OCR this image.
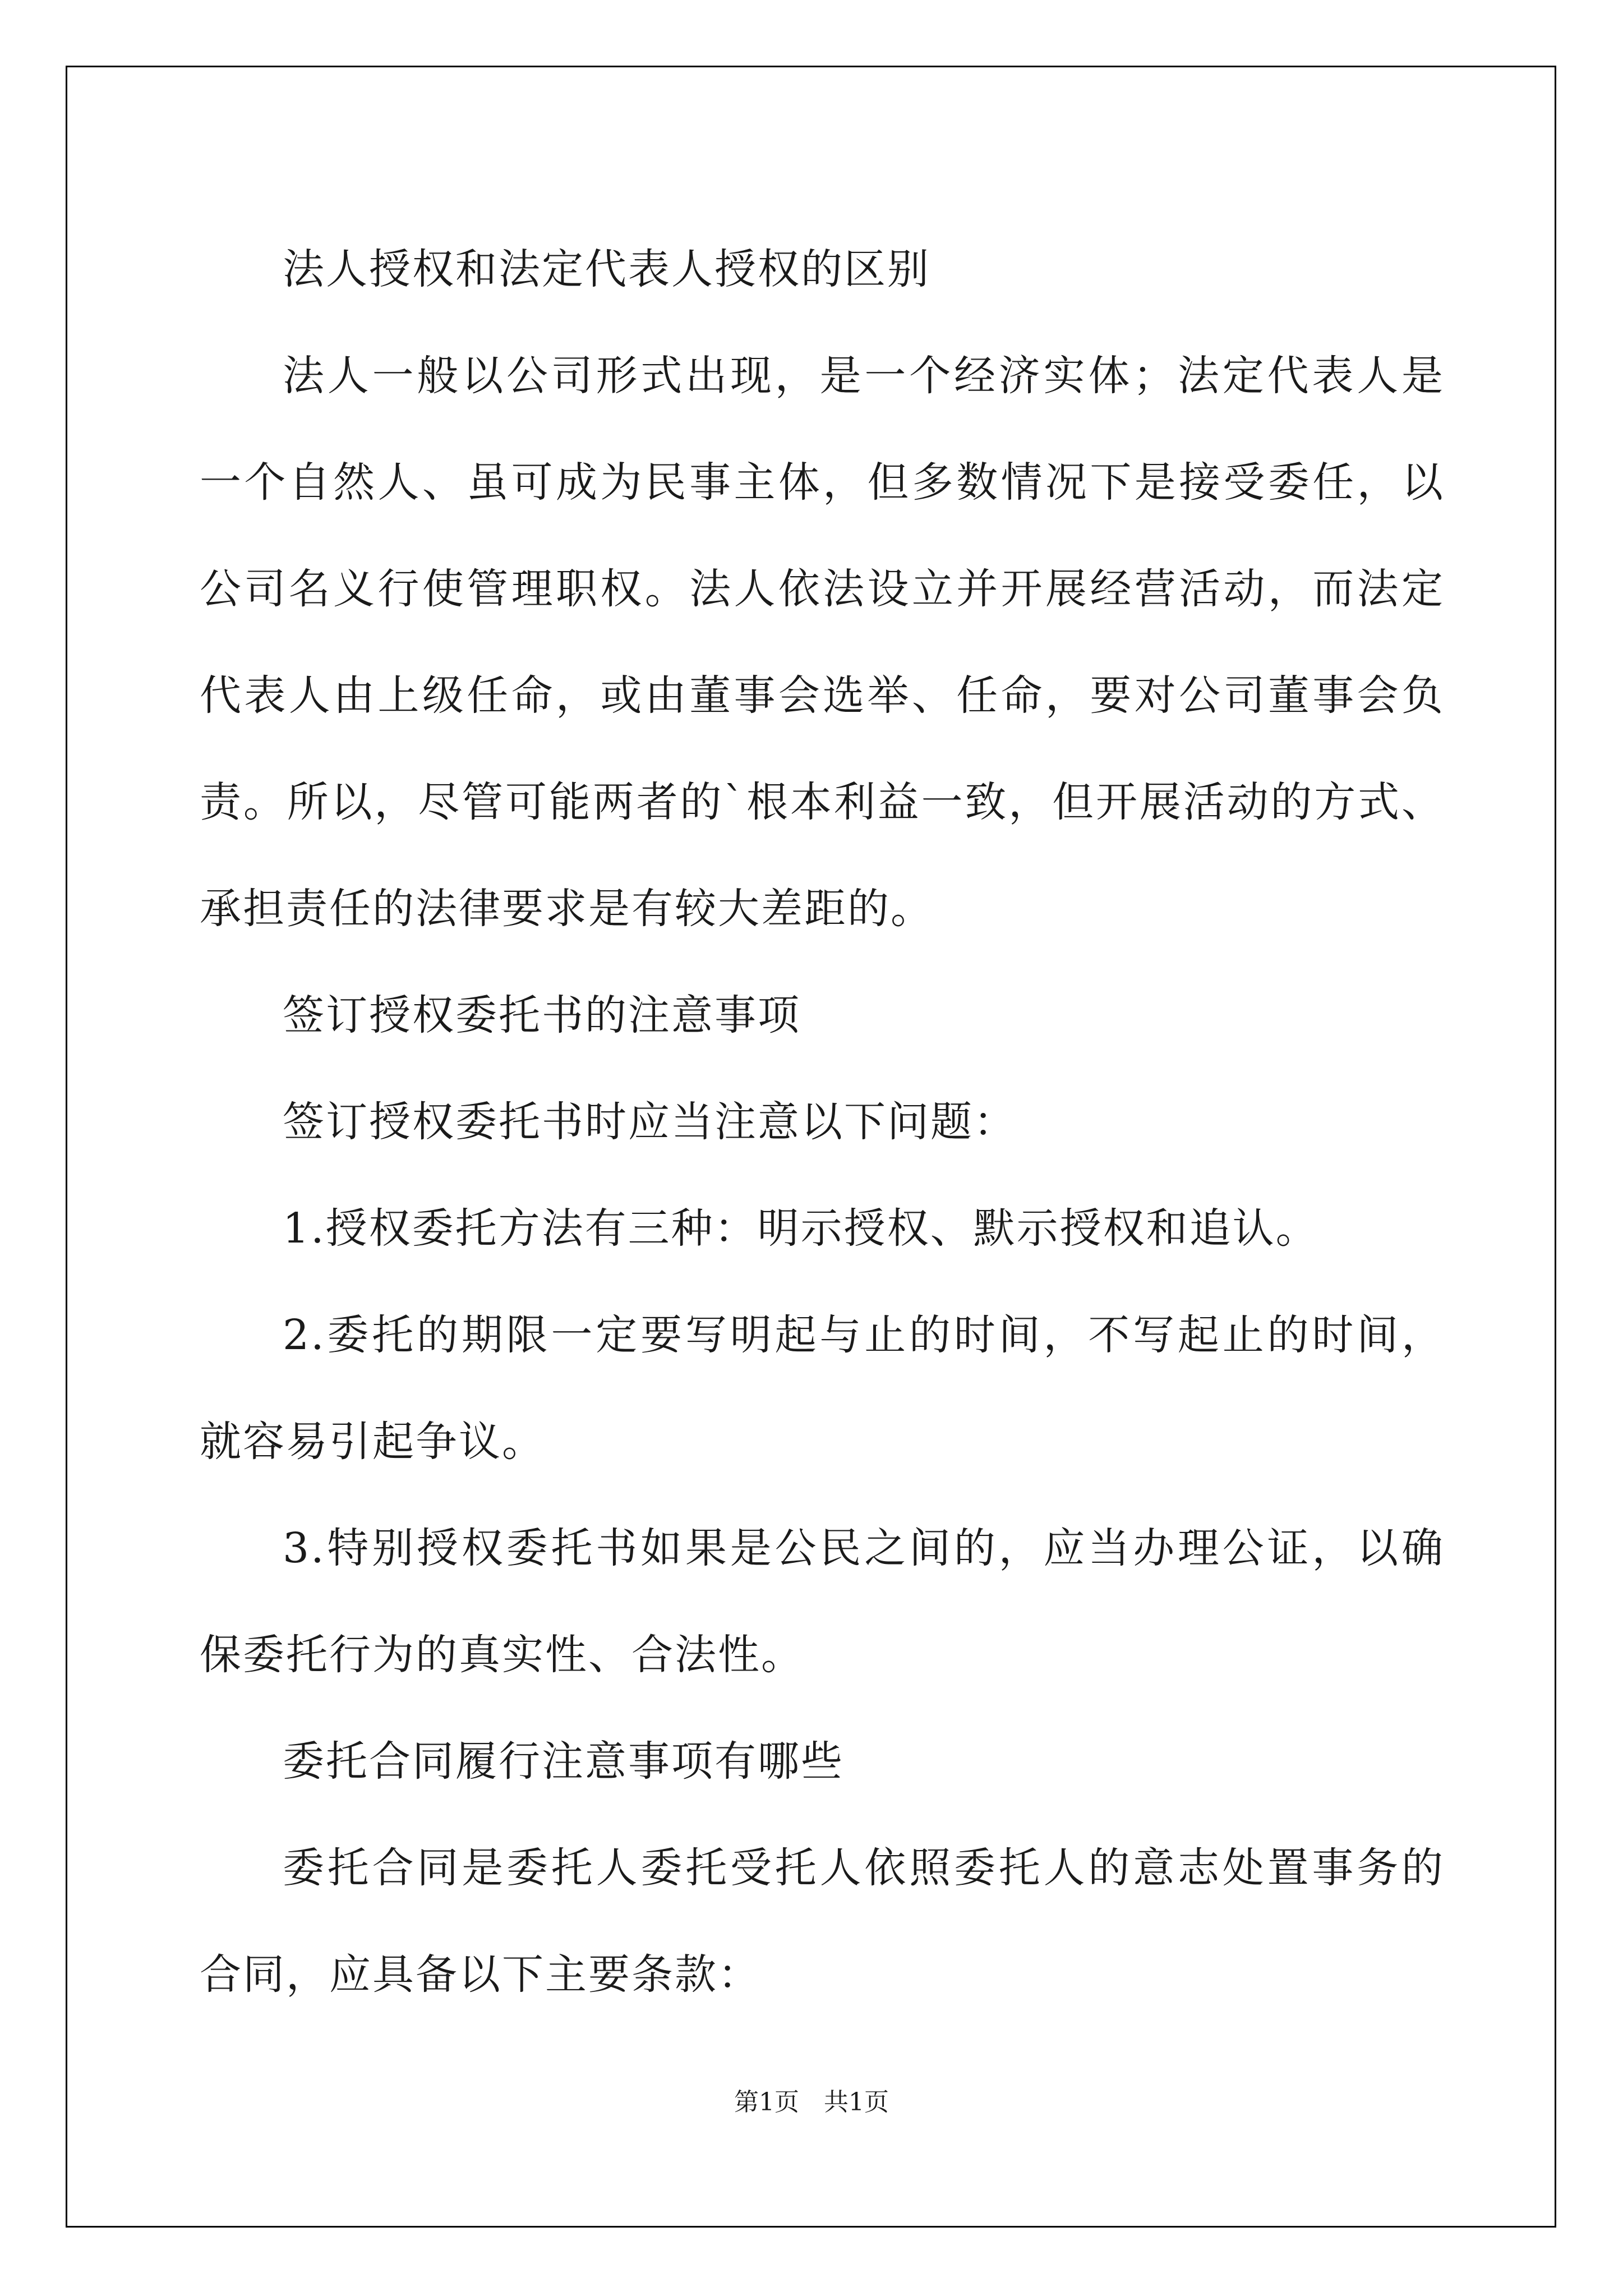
法人授权和法定代表人授权的区别

法人一般以公司形式出现，是一个经济实体；法定代表人是一个自然人、虽可成为民事主体，但多数情况下是接受委任，以公司名义行使管理职权。法人依法设立并开展经营活动，而法定代表人由上级任命，或由董事会选举、任命，要对公司董事会负责。所以，尽管可能两者的`根本利益一致，但开展活动的方式、承担责任的法律要求是有较大差距的。

签订授权委托书的注意事项

签订授权委托书时应当注意以下问题：

1.授权委托方法有三种：明示授权、默示授权和追认。

2.委托的期限一定要写明起与止的时间，不写起止的时间，就容易引起争议。

3.特别授权委托书如果是公民之间的，应当办理公证，以确保委托行为的真实性、合法性。

委托合同履行注意事项有哪些

委托合同是委托人委托受托人依照委托人的意志处置事务的合同，应具备以下主要条款：

第1页　共1页
